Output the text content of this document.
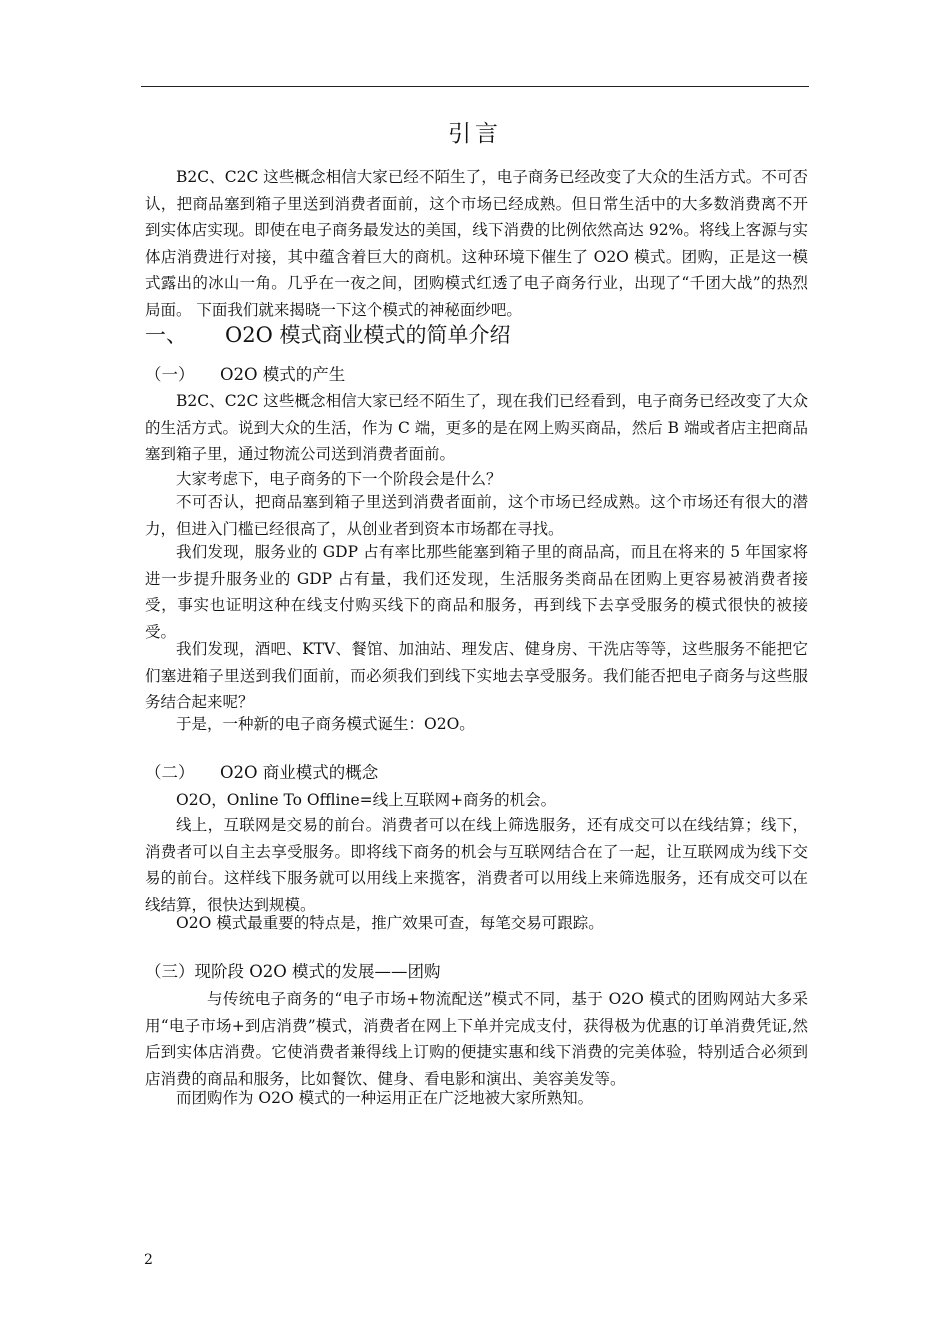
引言

B2C、C2C 这些概念相信大家已经不陌生了，电子商务已经改变了大众的生活方式。不可否认，把商品塞到箱子里送到消费者面前，这个市场已经成熟。但日常生活中的大多数消费离不开到实体店实现。即使在电子商务最发达的美国，线下消费的比例依然高达 92%。将线上客源与实体店消费进行对接，其中蕴含着巨大的商机。这种环境下催生了 O2O 模式。团购，正是这一模式露出的冰山一角。几乎在一夜之间，团购模式红透了电子商务行业，出现了“千团大战”的热烈局面。 下面我们就来揭晓一下这个模式的神秘面纱吧。

一、 O2O 模式商业模式的简单介绍
（一） O2O 模式的产生

B2C、C2C 这些概念相信大家已经不陌生了，现在我们已经看到，电子商务已经改变了大众的生活方式。说到大众的生活，作为 C 端，更多的是在网上购买商品，然后 B 端或者店主把商品塞到箱子里，通过物流公司送到消费者面前。

大家考虑下，电子商务的下一个阶段会是什么？

不可否认，把商品塞到箱子里送到消费者面前，这个市场已经成熟。这个市场还有很大的潜力，但进入门槛已经很高了，从创业者到资本市场都在寻找。

我们发现，服务业的 GDP 占有率比那些能塞到箱子里的商品高，而且在将来的 5 年国家将进一步提升服务业的 GDP 占有量，我们还发现，生活服务类商品在团购上更容易被消费者接受，事实也证明这种在线支付购买线下的商品和服务，再到线下去享受服务的模式很快的被接受。

我们发现，酒吧、KTV、餐馆、加油站、理发店、健身房、干洗店等等，这些服务不能把它们塞进箱子里送到我们面前，而必须我们到线下实地去享受服务。我们能否把电子商务与这些服务结合起来呢？

于是，一种新的电子商务模式诞生：O2O。

（二） O2O 商业模式的概念

O2O，Online To Offline=线上互联网+商务的机会。

线上，互联网是交易的前台。消费者可以在线上筛选服务，还有成交可以在线结算；线下，消费者可以自主去享受服务。即将线下商务的机会与互联网结合在了一起，让互联网成为线下交易的前台。这样线下服务就可以用线上来揽客，消费者可以用线上来筛选服务，还有成交可以在线结算，很快达到规模。

O2O 模式最重要的特点是，推广效果可查，每笔交易可跟踪。

（三）现阶段 O2O 模式的发展——团购

与传统电子商务的“电子市场+物流配送”模式不同，基于 O2O 模式的团购网站大多采用“电子市场+到店消费”模式，消费者在网上下单并完成支付，获得极为优惠的订单消费凭证,然后到实体店消费。它使消费者兼得线上订购的便捷实惠和线下消费的完美体验，特别适合必须到店消费的商品和服务，比如餐饮、健身、看电影和演出、美容美发等。

而团购作为 O2O 模式的一种运用正在广泛地被大家所熟知。

2
